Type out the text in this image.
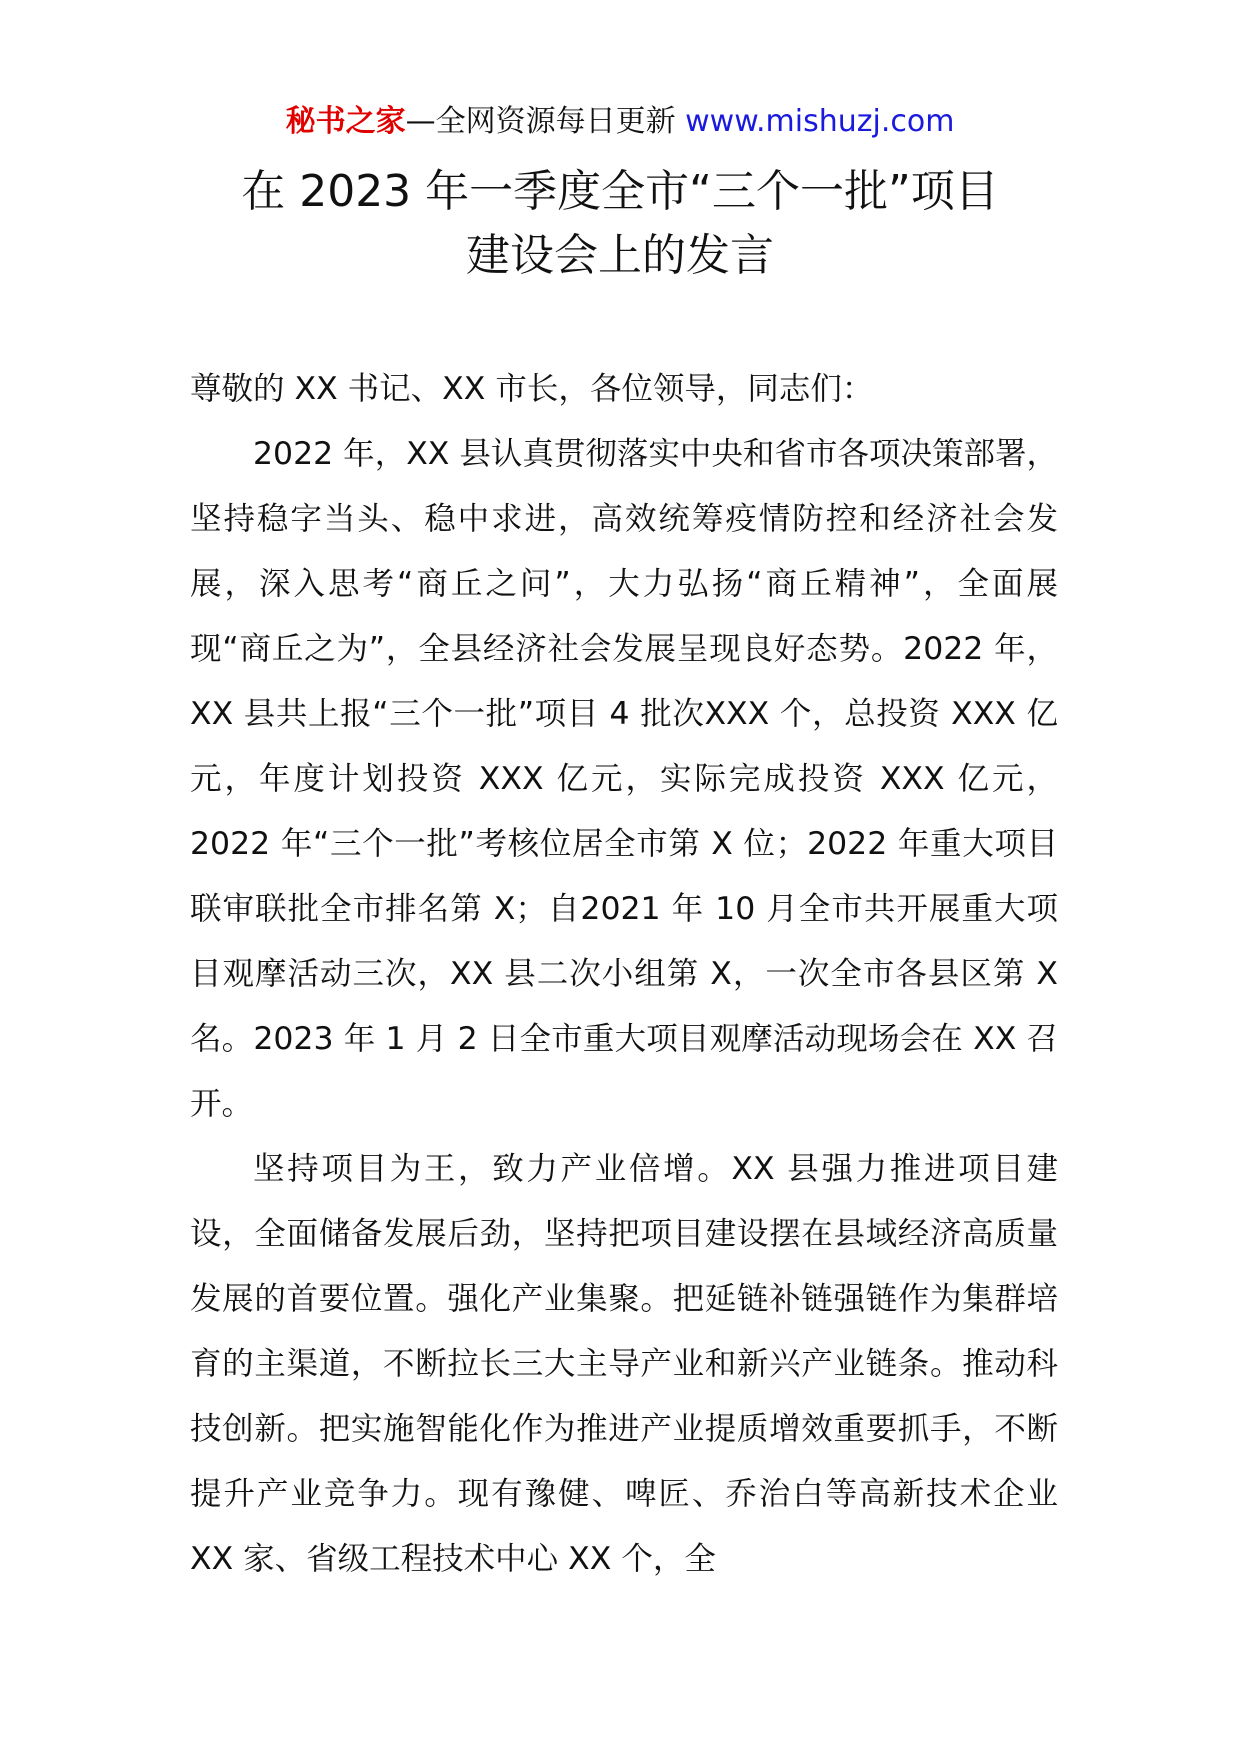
秘书之家—全网资源每日更新 www.mishuzj.com
在 2023 年一季度全市“三个一批”项目
建设会上的发言

尊敬的 XX 书记、XX 市长，各位领导，同志们：

2022 年，XX 县认真贯彻落实中央和省市各项决策部署，坚持稳字当头、稳中求进，高效统筹疫情防控和经济社会发展，深入思考“商丘之问”，大力弘扬“商丘精神”，全面展现“商丘之为”，全县经济社会发展呈现良好态势。2022 年，XX 县共上报“三个一批”项目 4 批次XXX 个，总投资 XXX 亿元，年度计划投资 XXX 亿元，实际完成投资 XXX 亿元，2022 年“三个一批”考核位居全市第 X 位；2022 年重大项目联审联批全市排名第 X；自2021 年 10 月全市共开展重大项目观摩活动三次，XX 县二次小组第 X，一次全市各县区第 X 名。2023 年 1 月 2 日全市重大项目观摩活动现场会在 XX 召开。

坚持项目为王，致力产业倍增。XX 县强力推进项目建设，全面储备发展后劲，坚持把项目建设摆在县域经济高质量发展的首要位置。强化产业集聚。把延链补链强链作为集群培育的主渠道，不断拉长三大主导产业和新兴产业链条。推动科技创新。把实施智能化作为推进产业提质增效重要抓手，不断提升产业竞争力。现有豫健、啤匠、乔治白等高新技术企业 XX 家、省级工程技术中心 XX 个，全
